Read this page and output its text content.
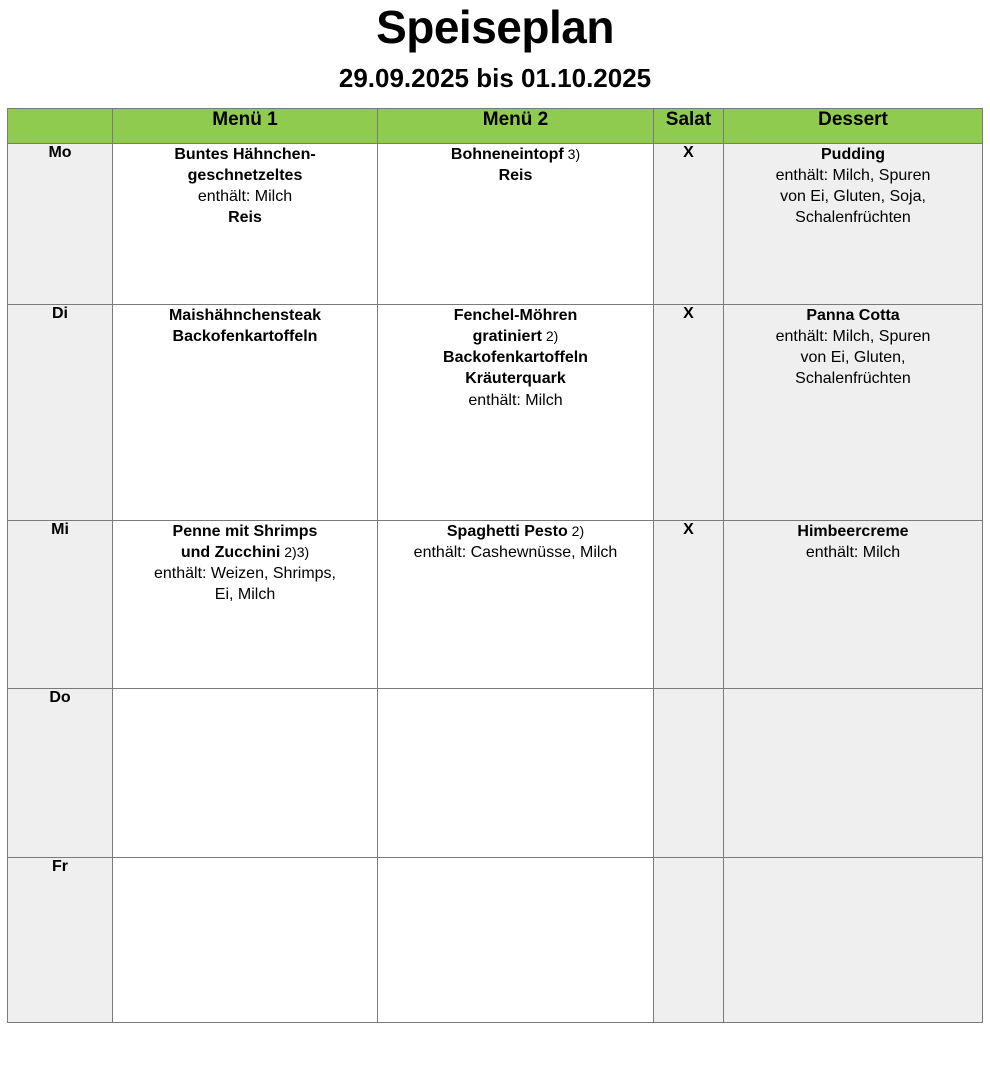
Speiseplan
29.09.2025 bis 01.10.2025
	Menü 1	Menü 2	Salat	Dessert
Mo	Buntes Hähnchen-
geschnetzeltes
enthält: Milch
Reis

Bohneneintopf 3)
Reis
	X	Pudding
enthält: Milch, Spuren
von Ei, Gluten, Soja,
Schalenfrüchten

Di	Maishähnchensteak
Backofenkartoffeln

Fenchel-Möhren
gratiniert 2)
Backofenkartoffeln
Kräuterquark
enthält: Milch
	X	Panna Cotta
enthält: Milch, Spuren
von Ei, Gluten,
Schalenfrüchten

Mi	Penne mit Shrimps
und Zucchini 2)3)
enthält: Weizen, Shrimps,
Ei, Milch

Spaghetti Pesto 2)
enthält: Cashewnüsse, Milch
	X	Himbeercreme
enthält: Milch

Do				
Fr				
